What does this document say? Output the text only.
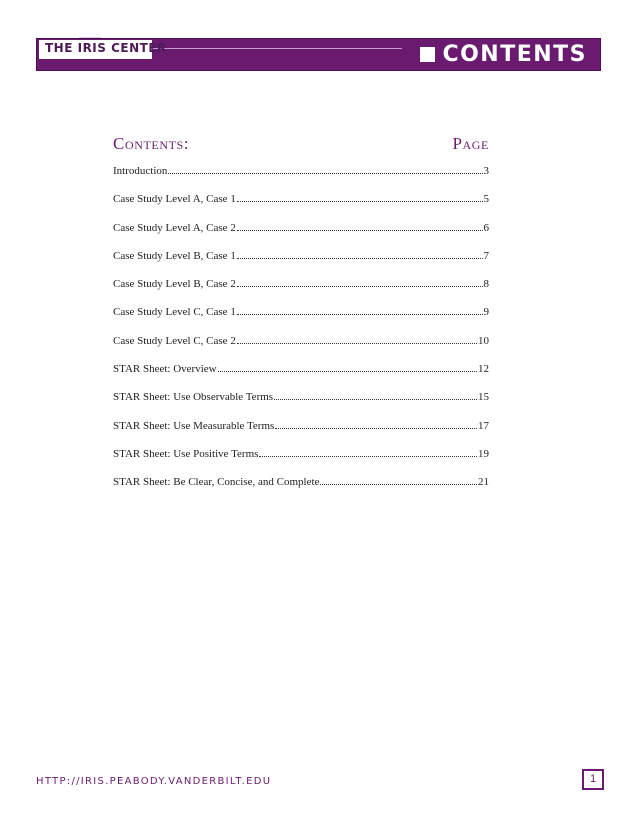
THE IRIS CENTER	CONTENTS
Contents:	Page
Introduction	3
Case Study Level A, Case 1	5
Case Study Level A, Case 2	6
Case Study Level B, Case 1	7
Case Study Level B, Case 2	8
Case Study Level C, Case 1	9
Case Study Level C, Case 2	10
STAR Sheet: Overview	12
STAR Sheet: Use Observable Terms	15
STAR Sheet: Use Measurable Terms	17
STAR Sheet: Use Positive Terms	19
STAR Sheet: Be Clear, Concise, and Complete	21
HTTP://IRIS.PEABODY.VANDERBILT.EDU	1
